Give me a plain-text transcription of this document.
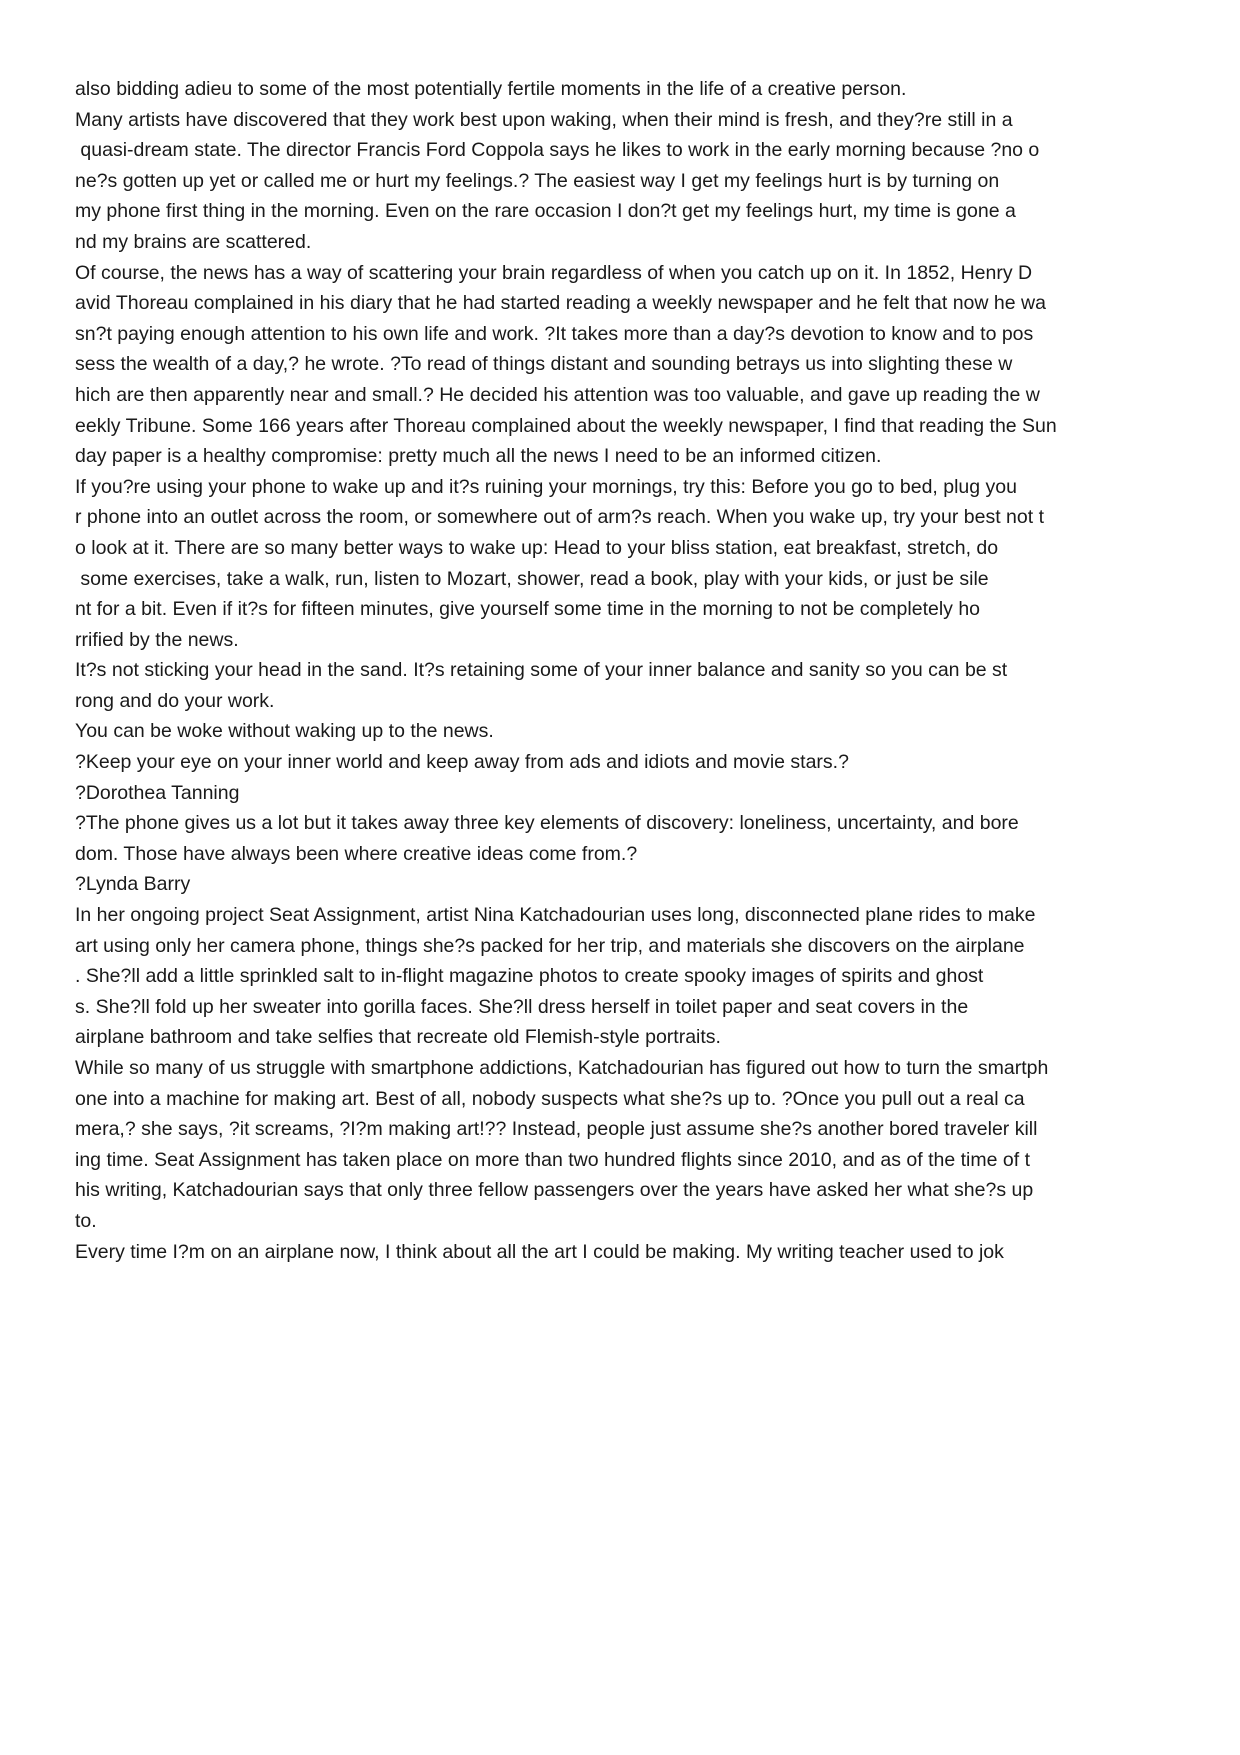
also bidding adieu to some of the most potentially fertile moments in the life of a creative person.
Many artists have discovered that they work best upon waking, when their mind is fresh, and they?re still in a
quasi-dream state. The director Francis Ford Coppola says he likes to work in the early morning because ?no o
ne?s gotten up yet or called me or hurt my feelings.? The easiest way I get my feelings hurt is by turning on
my phone first thing in the morning. Even on the rare occasion I don?t get my feelings hurt, my time is gone a
nd my brains are scattered.
Of course, the news has a way of scattering your brain regardless of when you catch up on it. In 1852, Henry D
avid Thoreau complained in his diary that he had started reading a weekly newspaper and he felt that now he wa
sn?t paying enough attention to his own life and work. ?It takes more than a day?s devotion to know and to pos
sess the wealth of a day,? he wrote. ?To read of things distant and sounding betrays us into slighting these w
hich are then apparently near and small.? He decided his attention was too valuable, and gave up reading the w
eekly Tribune. Some 166 years after Thoreau complained about the weekly newspaper, I find that reading the Sun
day paper is a healthy compromise: pretty much all the news I need to be an informed citizen.
If you?re using your phone to wake up and it?s ruining your mornings, try this: Before you go to bed, plug you
r phone into an outlet across the room, or somewhere out of arm?s reach. When you wake up, try your best not t
o look at it. There are so many better ways to wake up: Head to your bliss station, eat breakfast, stretch, do
some exercises, take a walk, run, listen to Mozart, shower, read a book, play with your kids, or just be sile
nt for a bit. Even if it?s for fifteen minutes, give yourself some time in the morning to not be completely ho
rrified by the news.
It?s not sticking your head in the sand. It?s retaining some of your inner balance and sanity so you can be st
rong and do your work.
You can be woke without waking up to the news.
?Keep your eye on your inner world and keep away from ads and idiots and movie stars.?
?Dorothea Tanning
?The phone gives us a lot but it takes away three key elements of discovery: loneliness, uncertainty, and bore
dom. Those have always been where creative ideas come from.?
?Lynda Barry
In her ongoing project Seat Assignment, artist Nina Katchadourian uses long, disconnected plane rides to make
art using only her camera phone, things she?s packed for her trip, and materials she discovers on the airplane
. She?ll add a little sprinkled salt to in-flight magazine photos to create spooky images of spirits and ghost
s. She?ll fold up her sweater into gorilla faces. She?ll dress herself in toilet paper and seat covers in the
airplane bathroom and take selfies that recreate old Flemish-style portraits.
While so many of us struggle with smartphone addictions, Katchadourian has figured out how to turn the smartph
one into a machine for making art. Best of all, nobody suspects what she?s up to. ?Once you pull out a real ca
mera,? she says, ?it screams, ?I?m making art!?? Instead, people just assume she?s another bored traveler kill
ing time. Seat Assignment has taken place on more than two hundred flights since 2010, and as of the time of t
his writing, Katchadourian says that only three fellow passengers over the years have asked her what she?s up
to.
Every time I?m on an airplane now, I think about all the art I could be making. My writing teacher used to jok
